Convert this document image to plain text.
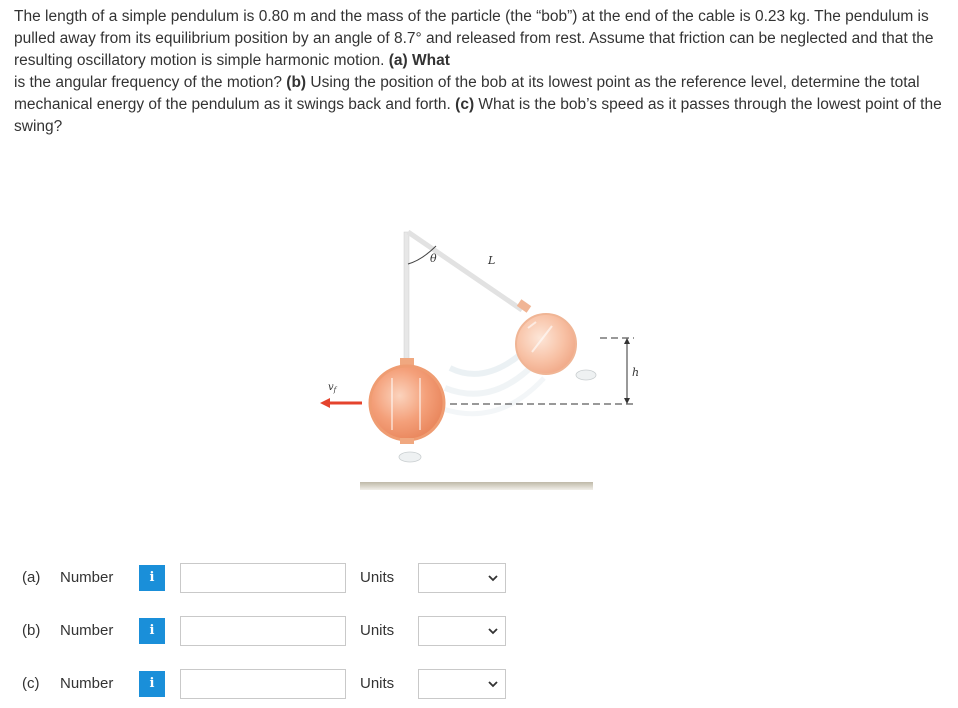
The length of a simple pendulum is 0.80 m and the mass of the particle (the “bob”) at the end of the cable is 0.23 kg. The pendulum is pulled away from its equilibrium position by an angle of 8.7° and released from rest. Assume that friction can be neglected and that the resulting oscillatory motion is simple harmonic motion. (a) What
is the angular frequency of the motion? (b) Using the position of the bob at its lowest point as the reference level, determine the total mechanical energy of the pendulum as it swings back and forth. (c) What is the bob’s speed as it passes through the lowest point of the swing?

θ	L
$v_f$
h
(a) Number	i	Units
(b) Number	i	Units
(c) Number	i	Units
